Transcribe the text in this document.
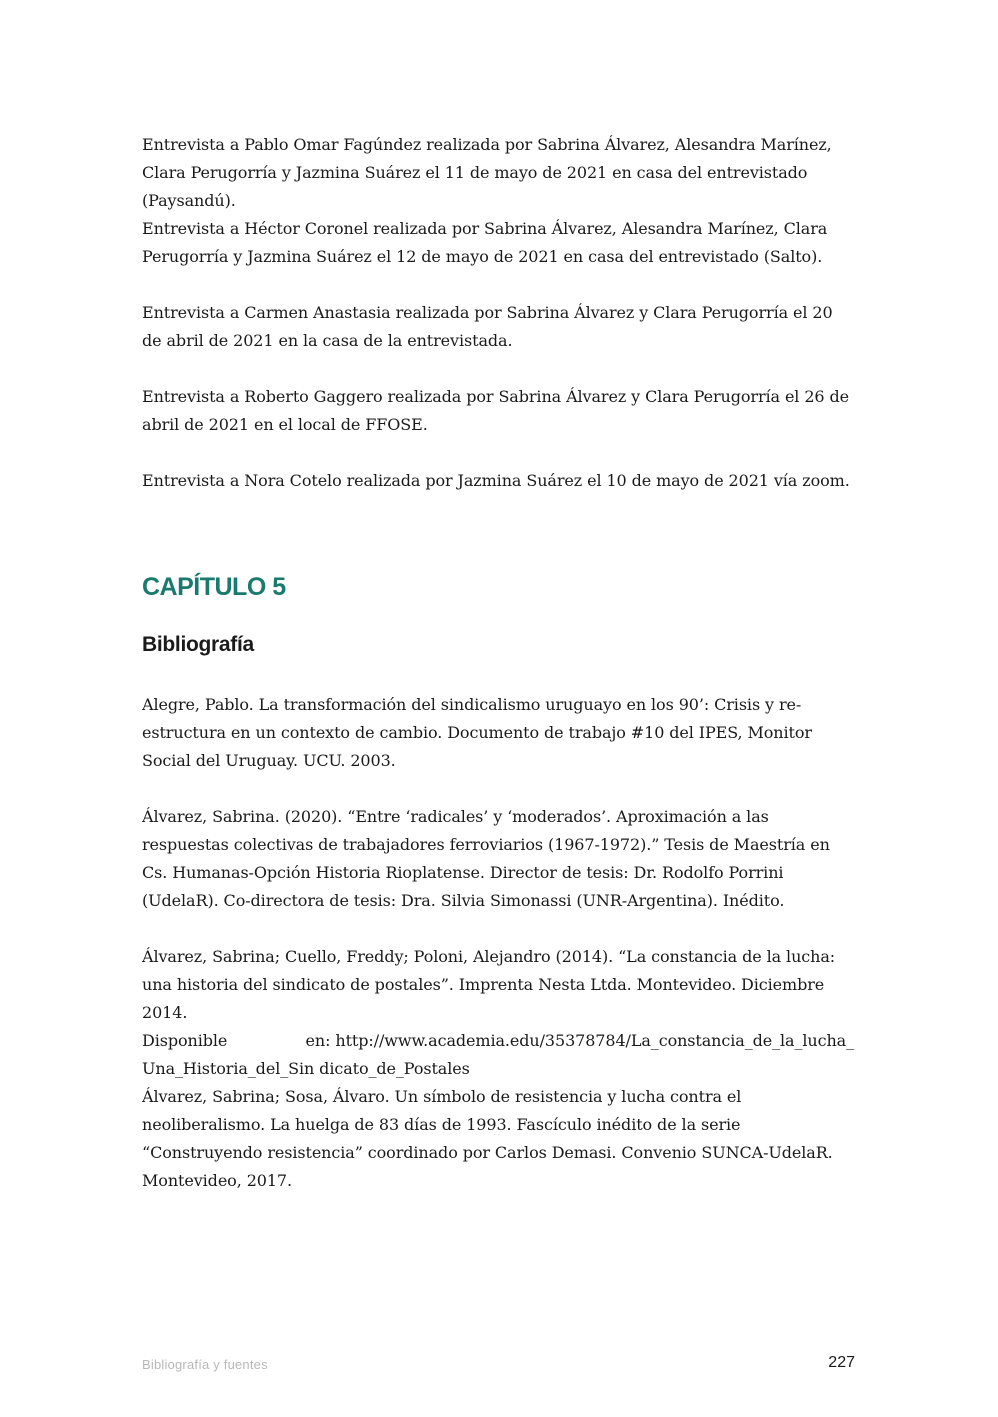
Entrevista a Pablo Omar Fagúndez realizada por Sabrina Álvarez, Alesandra Marínez, Clara Perugorría y Jazmina Suárez el 11 de mayo de 2021 en casa del entrevistado (Paysandú).

Entrevista a Héctor Coronel realizada por Sabrina Álvarez, Alesandra Marínez, Clara Perugorría y Jazmina Suárez el 12 de mayo de 2021 en casa del entrevistado (Salto).

Entrevista a Carmen Anastasia realizada por Sabrina Álvarez y Clara Perugorría el 20 de abril de 2021 en la casa de la entrevistada.

Entrevista a Roberto Gaggero realizada por Sabrina Álvarez y Clara Perugorría el 26 de abril de 2021 en el local de FFOSE.

Entrevista a Nora Cotelo realizada por Jazmina Suárez el 10 de mayo de 2021 vía zoom.

CAPÍTULO 5
Bibliografía

Alegre, Pablo. La transformación del sindicalismo uruguayo en los 90’: Crisis y re-estructura en un contexto de cambio. Documento de trabajo #10 del IPES, Monitor Social del Uruguay. UCU. 2003.

Álvarez, Sabrina. (2020). “Entre ‘radicales’ y ‘moderados’. Aproximación a las respuestas colectivas de trabajadores ferroviarios (1967-1972).” Tesis de Maestría en Cs. Humanas-Opción Historia Rioplatense. Director de tesis: Dr. Rodolfo Porrini (UdelaR). Co-directora de tesis: Dra. Silvia Simonassi (UNR-Argentina). Inédito.

Álvarez, Sabrina; Cuello, Freddy; Poloni, Alejandro (2014). “La constancia de la lucha: una historia del sindicato de postales”. Imprenta Nesta Ltda. Montevideo. Diciembre 2014.
Disponible	en: http://www.academia.edu/35378784/La_constancia_de_la_lucha_
Una_Historia_del_Sin dicato_de_Postales

Álvarez, Sabrina; Sosa, Álvaro. Un símbolo de resistencia y lucha contra el neoliberalismo. La huelga de 83 días de 1993. Fascículo inédito de la serie “Construyendo resistencia” coordinado por Carlos Demasi. Convenio SUNCA-UdelaR. Montevideo, 2017.

Bibliografía y fuentes	227
